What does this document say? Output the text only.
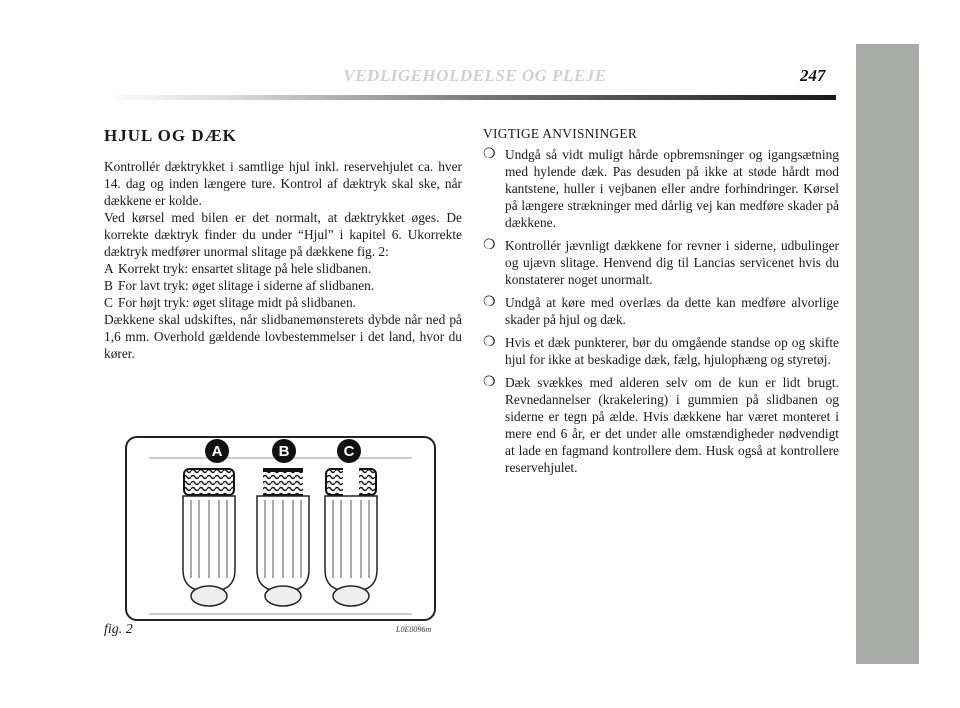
VEDLIGEHOLDELSE OG PLEJE	247
HJUL OG DÆK

Kontrollér dæktrykket i samtlige hjul inkl. reservehjulet ca. hver 14. dag og inden længere ture. Kontrol af dæktryk skal ske, når dækkene er kolde.

Ved kørsel med bilen er det normalt, at dæktrykket øges. De korrekte dæktryk finder du under “Hjul” i kapitel 6. Ukorrekte dæktryk medfører unormal slitage på dækkene fig. 2:

A Korrekt tryk: ensartet slitage på hele slidbanen.
B For lavt tryk: øget slitage i siderne af slidbanen.
C For højt tryk: øget slitage midt på slidbanen.

Dækkene skal udskiftes, når slidbanemønsterets dybde når ned på 1,6 mm. Overhold gældende lovbestemmelser i det land, hvor du kører.

VIGTIGE ANVISNINGER
❍ Undgå så vidt muligt hårde opbremsninger og igangsætning med hylende dæk. Pas desuden på ikke at støde hårdt mod kantstene, huller i vejbanen eller andre forhindringer. Kørsel på længere strækninger med dårlig vej kan medføre skader på dækkene.
❍ Kontrollér jævnligt dækkene for revner i siderne, udbulinger og ujævn slitage. Henvend dig til Lancias servicenet hvis du konstaterer noget unormalt.
❍ Undgå at køre med overlæs da dette kan medføre alvorlige skader på hjul og dæk.
❍ Hvis et dæk punkterer, bør du omgående standse op og skifte hjul for ikke at beskadige dæk, fælg, hjulophæng og styretøj.
❍ Dæk svækkes med alderen selv om de kun er lidt brugt. Revnedannelser (krakelering) i gummien på slidbanen og siderne er tegn på ælde. Hvis dækkene har været monteret i mere end 6 år, er det under alle omstændigheder nødvendigt at lade en fagmand kontrollere dem. Husk også at kontrollere reservehjulet.
A	B	C
fig. 2	L0E0096m
